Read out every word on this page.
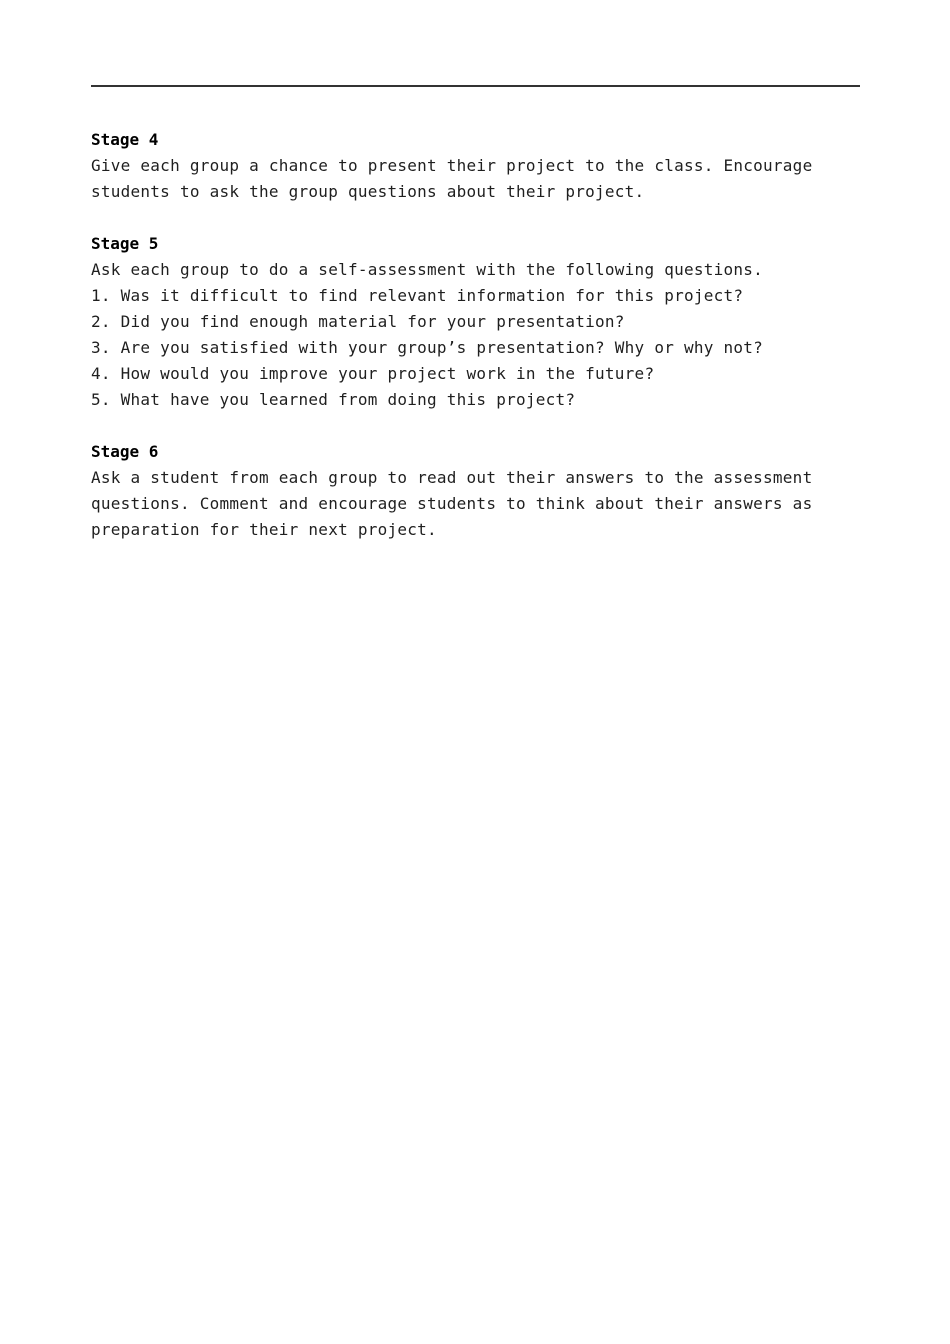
Stage 4
Give each group a chance to present their project to the class. Encourage
students to ask the group questions about their project.
Stage 5
Ask each group to do a self-assessment with the following questions.
1. Was it difficult to find relevant information for this project?
2. Did you find enough material for your presentation?
3. Are you satisfied with your group’s presentation? Why or why not?
4. How would you improve your project work in the future?
5. What have you learned from doing this project?
Stage 6
Ask a student from each group to read out their answers to the assessment
questions. Comment and encourage students to think about their answers as
preparation for their next project.
